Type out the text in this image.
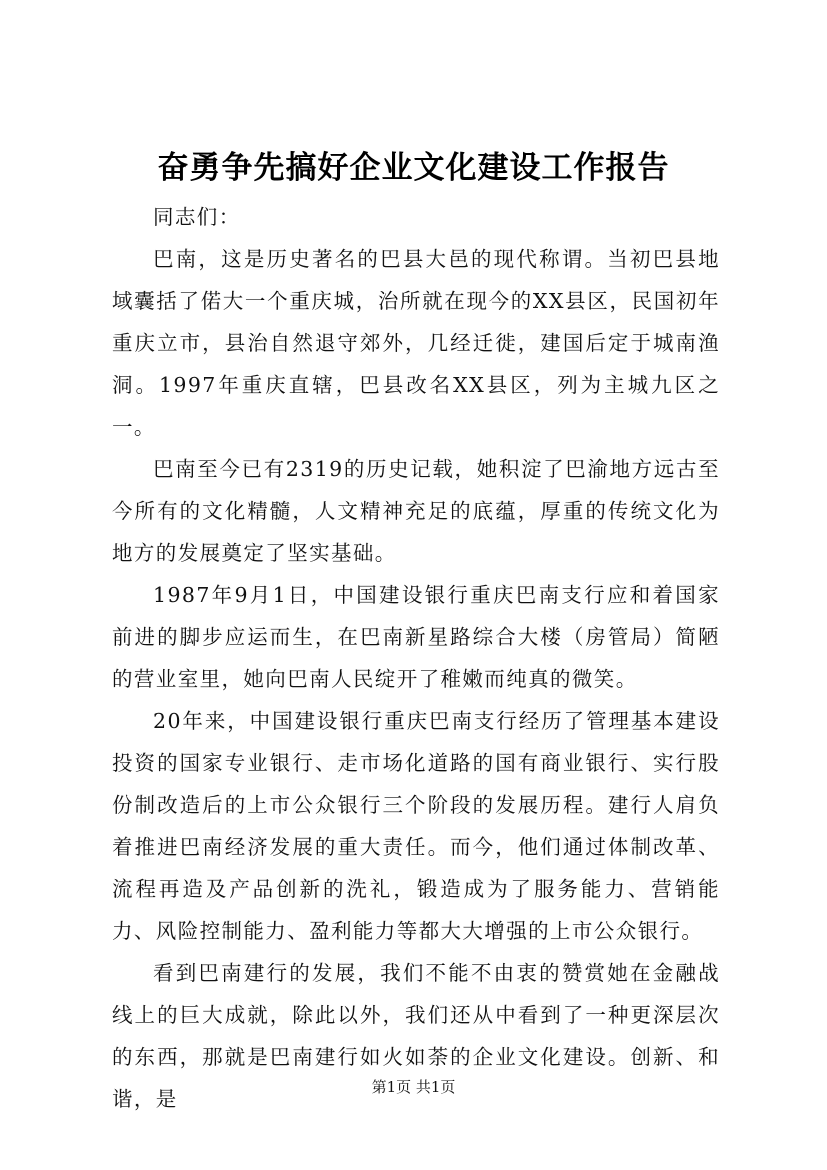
奋勇争先搞好企业文化建设工作报告

同志们：

巴南，这是历史著名的巴县大邑的现代称谓。当初巴县地域囊括了偌大一个重庆城，治所就在现今的XX县区，民国初年重庆立市，县治自然退守郊外，几经迁徙，建国后定于城南渔洞。1997年重庆直辖，巴县改名XX县区，列为主城九区之一。

巴南至今已有2319的历史记载，她积淀了巴渝地方远古至今所有的文化精髓，人文精神充足的底蕴，厚重的传统文化为地方的发展奠定了坚实基础。

1987年9月1日，中国建设银行重庆巴南支行应和着国家前进的脚步应运而生，在巴南新星路综合大楼（房管局）简陋的营业室里，她向巴南人民绽开了稚嫩而纯真的微笑。

20年来，中国建设银行重庆巴南支行经历了管理基本建设投资的国家专业银行、走市场化道路的国有商业银行、实行股份制改造后的上市公众银行三个阶段的发展历程。建行人肩负着推进巴南经济发展的重大责任。而今，他们通过体制改革、流程再造及产品创新的洗礼，锻造成为了服务能力、营销能力、风险控制能力、盈利能力等都大大增强的上市公众银行。

看到巴南建行的发展，我们不能不由衷的赞赏她在金融战线上的巨大成就，除此以外，我们还从中看到了一种更深层次的东西，那就是巴南建行如火如荼的企业文化建设。创新、和谐，是	第1页 共1页
